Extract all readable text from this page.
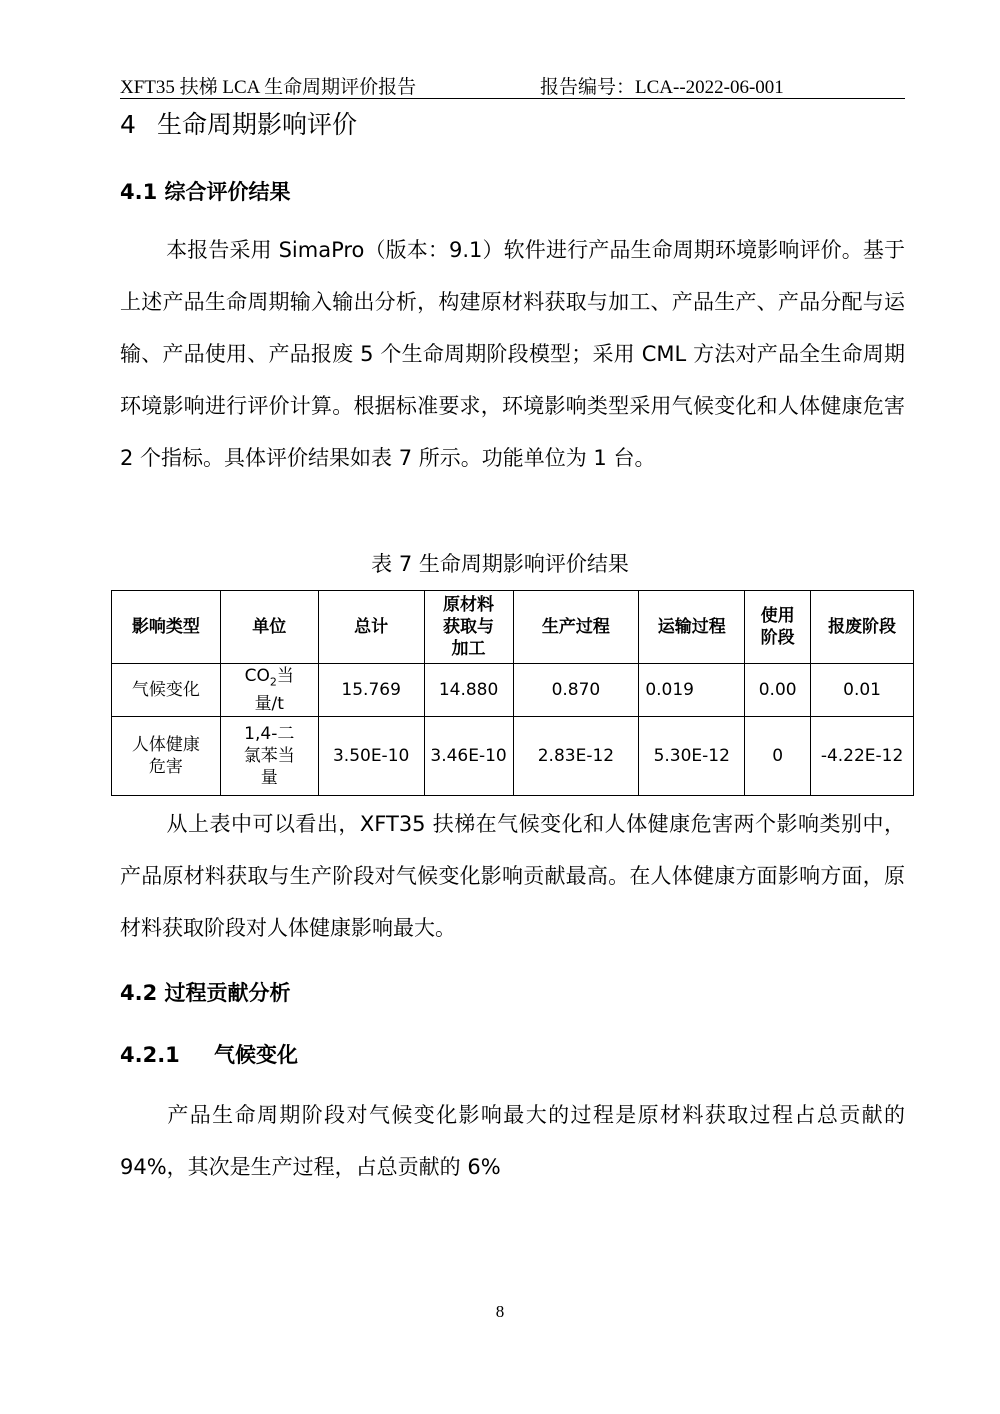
XFT35 扶梯 LCA 生命周期评价报告	报告编号：LCA--2022-06-001
4 生命周期影响评价
4.1 综合评价结果

本报告采用 SimaPro（版本：9.1）软件进行产品生命周期环境影响评价。基于上述产品生命周期输入输出分析，构建原材料获取与加工、产品生产、产品分配与运输、产品使用、产品报废 5 个生命周期阶段模型；采用 CML 方法对产品全生命周期环境影响进行评价计算。根据标准要求，环境影响类型采用气候变化和人体健康危害 2 个指标。具体评价结果如表 7 所示。功能单位为 1 台。

表 7 生命周期影响评价结果
影响类型	单位	总计	原材料获取与加工	生产过程	运输过程	使用阶段	报废阶段
气候变化	$CO_2$当量/t	15.769	14.880	0.870	0.019	0.00	0.01
人体健康危害	1,4-二氯苯当量	3.50E-10	3.46E-10	2.83E-12	5.30E-12	0	-4.22E-12

从上表中可以看出，XFT35 扶梯在气候变化和人体健康危害两个影响类别中，产品原材料获取与生产阶段对气候变化影响贡献最高。在人体健康方面影响方面，原材料获取阶段对人体健康影响最大。

4.2 过程贡献分析
4.2.1 气候变化

产品生命周期阶段对气候变化影响最大的过程是原材料获取过程占总贡献的 94%，其次是生产过程，占总贡献的 6%

8
